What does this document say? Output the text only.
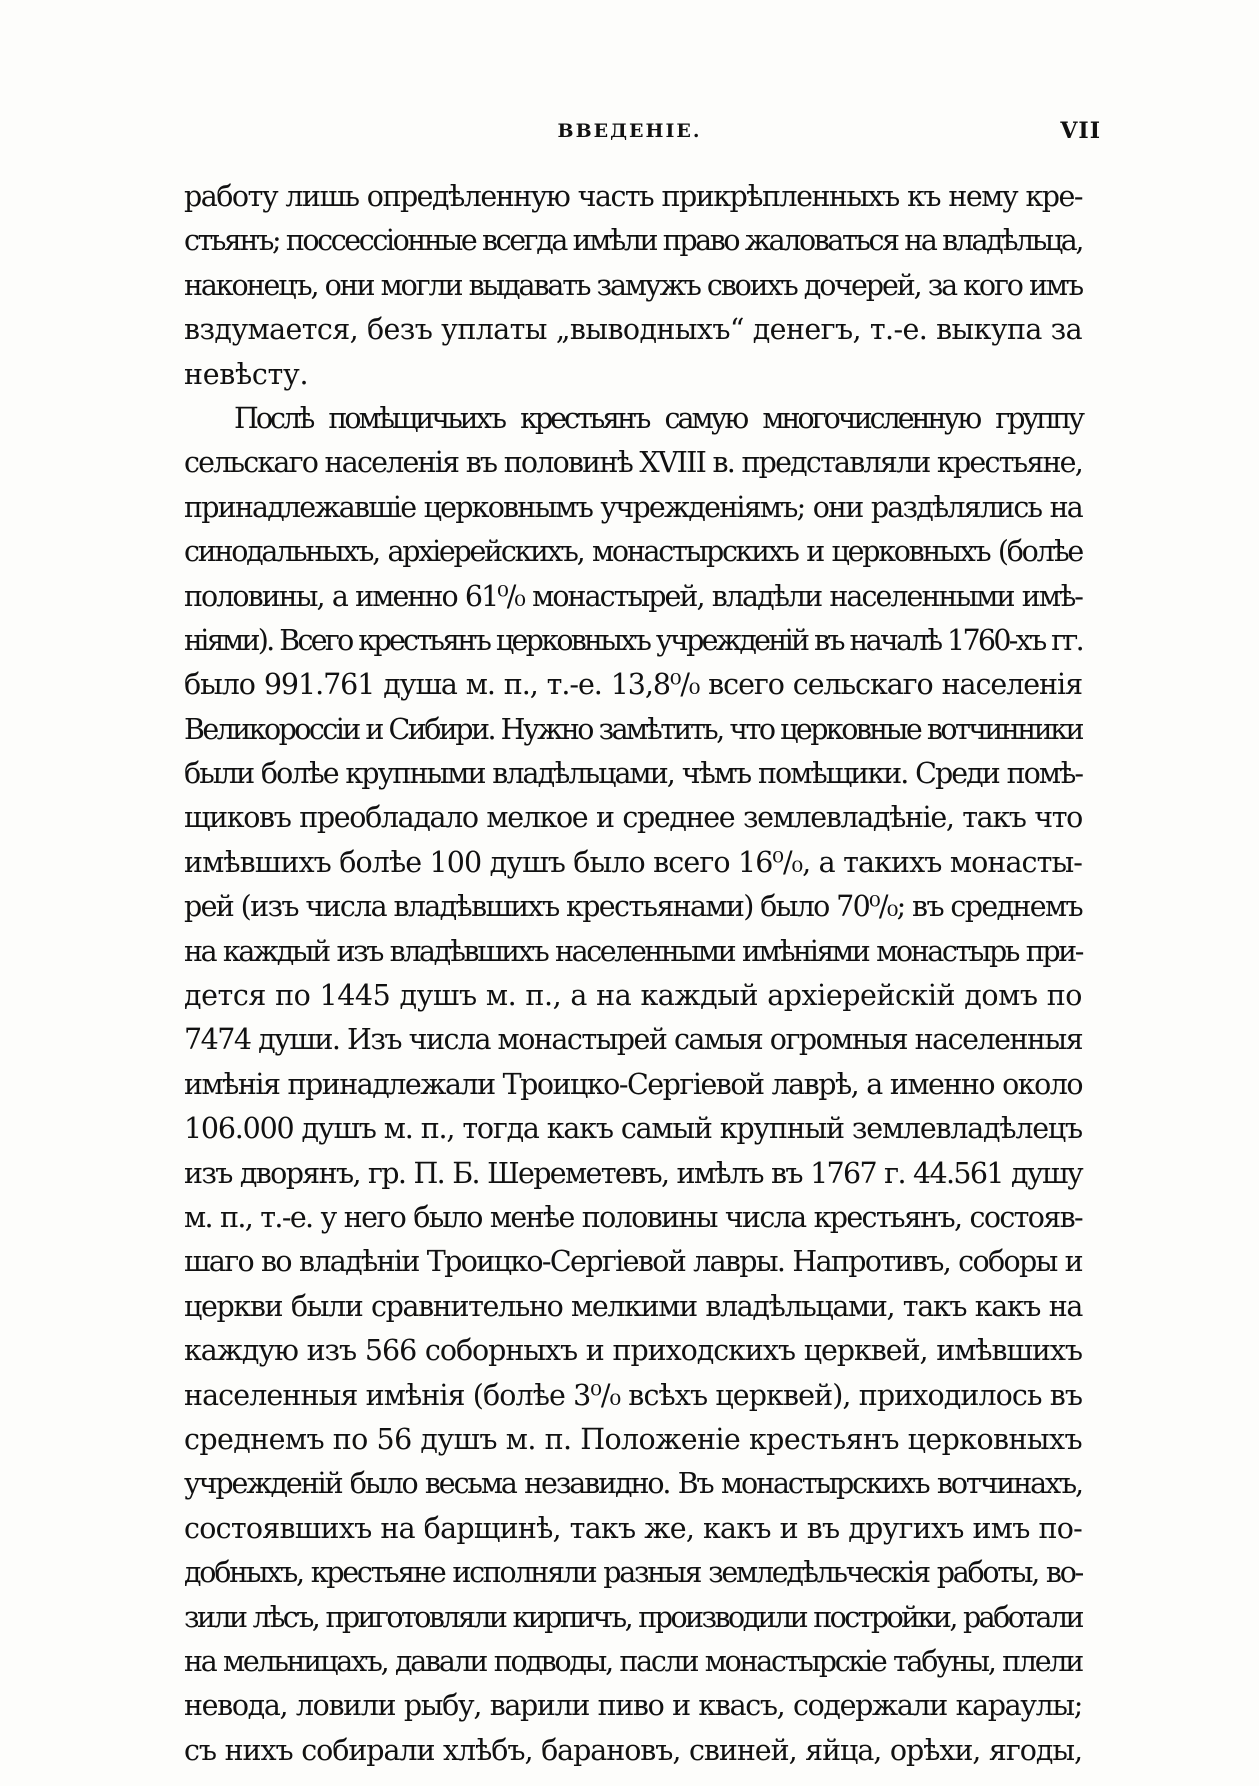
ВВЕДЕНIЕ.	VII
работу лишь опредѣленную часть прикрѣпленныхъ къ нему кре-
стьянъ; поссессіонные всегда имѣли право жаловаться на владѣльца,
наконецъ, они могли выдавать замужъ своихъ дочерей, за кого имъ
вздумается, безъ уплаты „выводныхъ“ денегъ, т.-е. выкупа за
невѣсту.
Послѣ помѣщичьихъ крестьянъ самую многочисленную группу
сельскаго населенія въ половинѣ XVIII в. представляли крестьяне,
принадлежавшіе церковнымъ учрежденіямъ; они раздѣлялись на
синодальныхъ, архіерейскихъ, монастырскихъ и церковныхъ (болѣе
половины, а именно 61⁰/₀ монастырей, владѣли населенными имѣ-
ніями). Всего крестьянъ церковныхъ учрежденій въ началѣ 1760-хъ гг.
было 991.761 душа м. п., т.-е. 13,8⁰/₀ всего сельскаго населенія
Великороссіи и Сибири. Нужно замѣтить, что церковные вотчинники
были болѣе крупными владѣльцами, чѣмъ помѣщики. Среди помѣ-
щиковъ преобладало мелкое и среднее землевладѣніе, такъ что
имѣвшихъ болѣе 100 душъ было всего 16⁰/₀, а такихъ монасты-
рей (изъ числа владѣвшихъ крестьянами) было 70⁰/₀; въ среднемъ
на каждый изъ владѣвшихъ населенными имѣніями монастырь при-
дется по 1445 душъ м. п., а на каждый архіерейскій домъ по
7474 души. Изъ числа монастырей самыя огромныя населенныя
имѣнія принадлежали Троицко-Сергіевой лаврѣ, а именно около
106.000 душъ м. п., тогда какъ самый крупный землевладѣлецъ
изъ дворянъ, гр. П. Б. Шереметевъ, имѣлъ въ 1767 г. 44.561 душу
м. п., т.-е. у него было менѣе половины числа крестьянъ, состояв-
шаго во владѣніи Троицко-Сергіевой лавры. Напротивъ, соборы и
церкви были сравнительно мелкими владѣльцами, такъ какъ на
каждую изъ 566 соборныхъ и приходскихъ церквей, имѣвшихъ
населенныя имѣнія (болѣе 3⁰/₀ всѣхъ церквей), приходилось въ
среднемъ по 56 душъ м. п. Положеніе крестьянъ церковныхъ
учрежденій было весьма незавидно. Въ монастырскихъ вотчинахъ,
состоявшихъ на барщинѣ, такъ же, какъ и въ другихъ имъ по-
добныхъ, крестьяне исполняли разныя земледѣльческія работы, во-
зили лѣсъ, приготовляли кирпичъ, производили постройки, работали
на мельницахъ, давали подводы, пасли монастырскіе табуны, плели
невода, ловили рыбу, варили пиво и квасъ, содержали караулы;
съ нихъ собирали хлѣбъ, барановъ, свиней, яйца, орѣхи, ягоды,
